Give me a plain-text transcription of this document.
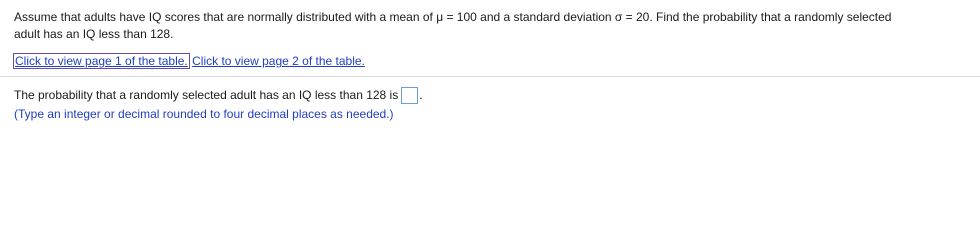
Assume that adults have IQ scores that are normally distributed with a mean of μ = 100 and a standard deviation σ = 20. Find the probability that a randomly selected
adult has an IQ less than 128.
Click to view page 1 of the table. Click to view page 2 of the table.
The probability that a randomly selected adult has an IQ less than 128 is .
(Type an integer or decimal rounded to four decimal places as needed.)
